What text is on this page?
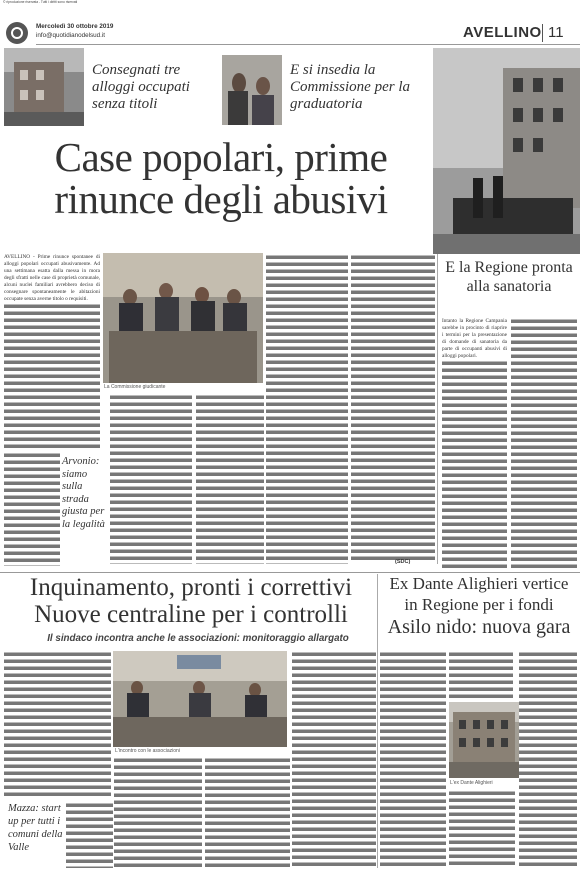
© riproduzione riservata - Tutti i diritti sono riservati
Mercoledì 30 ottobre 2019
info@quotidianodelsud.it	AVELLINO 11
Consegnati tre alloggi occupati senza titoli
E si insedia la Commissione per la graduatoria
Case popolari, prime rinunce degli abusivi
AVELLINO - Prime rinunce spontanee di alloggi popolari occupati abusivamente. Ad una settimana esatta dalla messa in mora degli sfratti nelle case di proprietà comunale, alcuni nuclei familiari avrebbero deciso di consegnare spontaneamente le abitazioni occupate senza averne titolo o requisiti.
La Commissione giudicante
Arvonio: siamo sulla strada giusta per la legalità
(SDC)
E la Regione pronta alla sanatoria
Intanto la Regione Campania sarebbe in procinto di riaprire i termini per la presentazione di domande di sanatoria da parte di occupanti abusivi di alloggi popolari.
Inquinamento, pronti i correttivi
Nuove centraline per i controlli
Il sindaco incontra anche le associazioni: monitoraggio allargato
Mazza: start up per tutti i comuni della Valle
L'incontro con le associazioni
Ex Dante Alighieri vertice
in Regione per i fondi
Asilo nido: nuova gara
L'ex Dante Alighieri
